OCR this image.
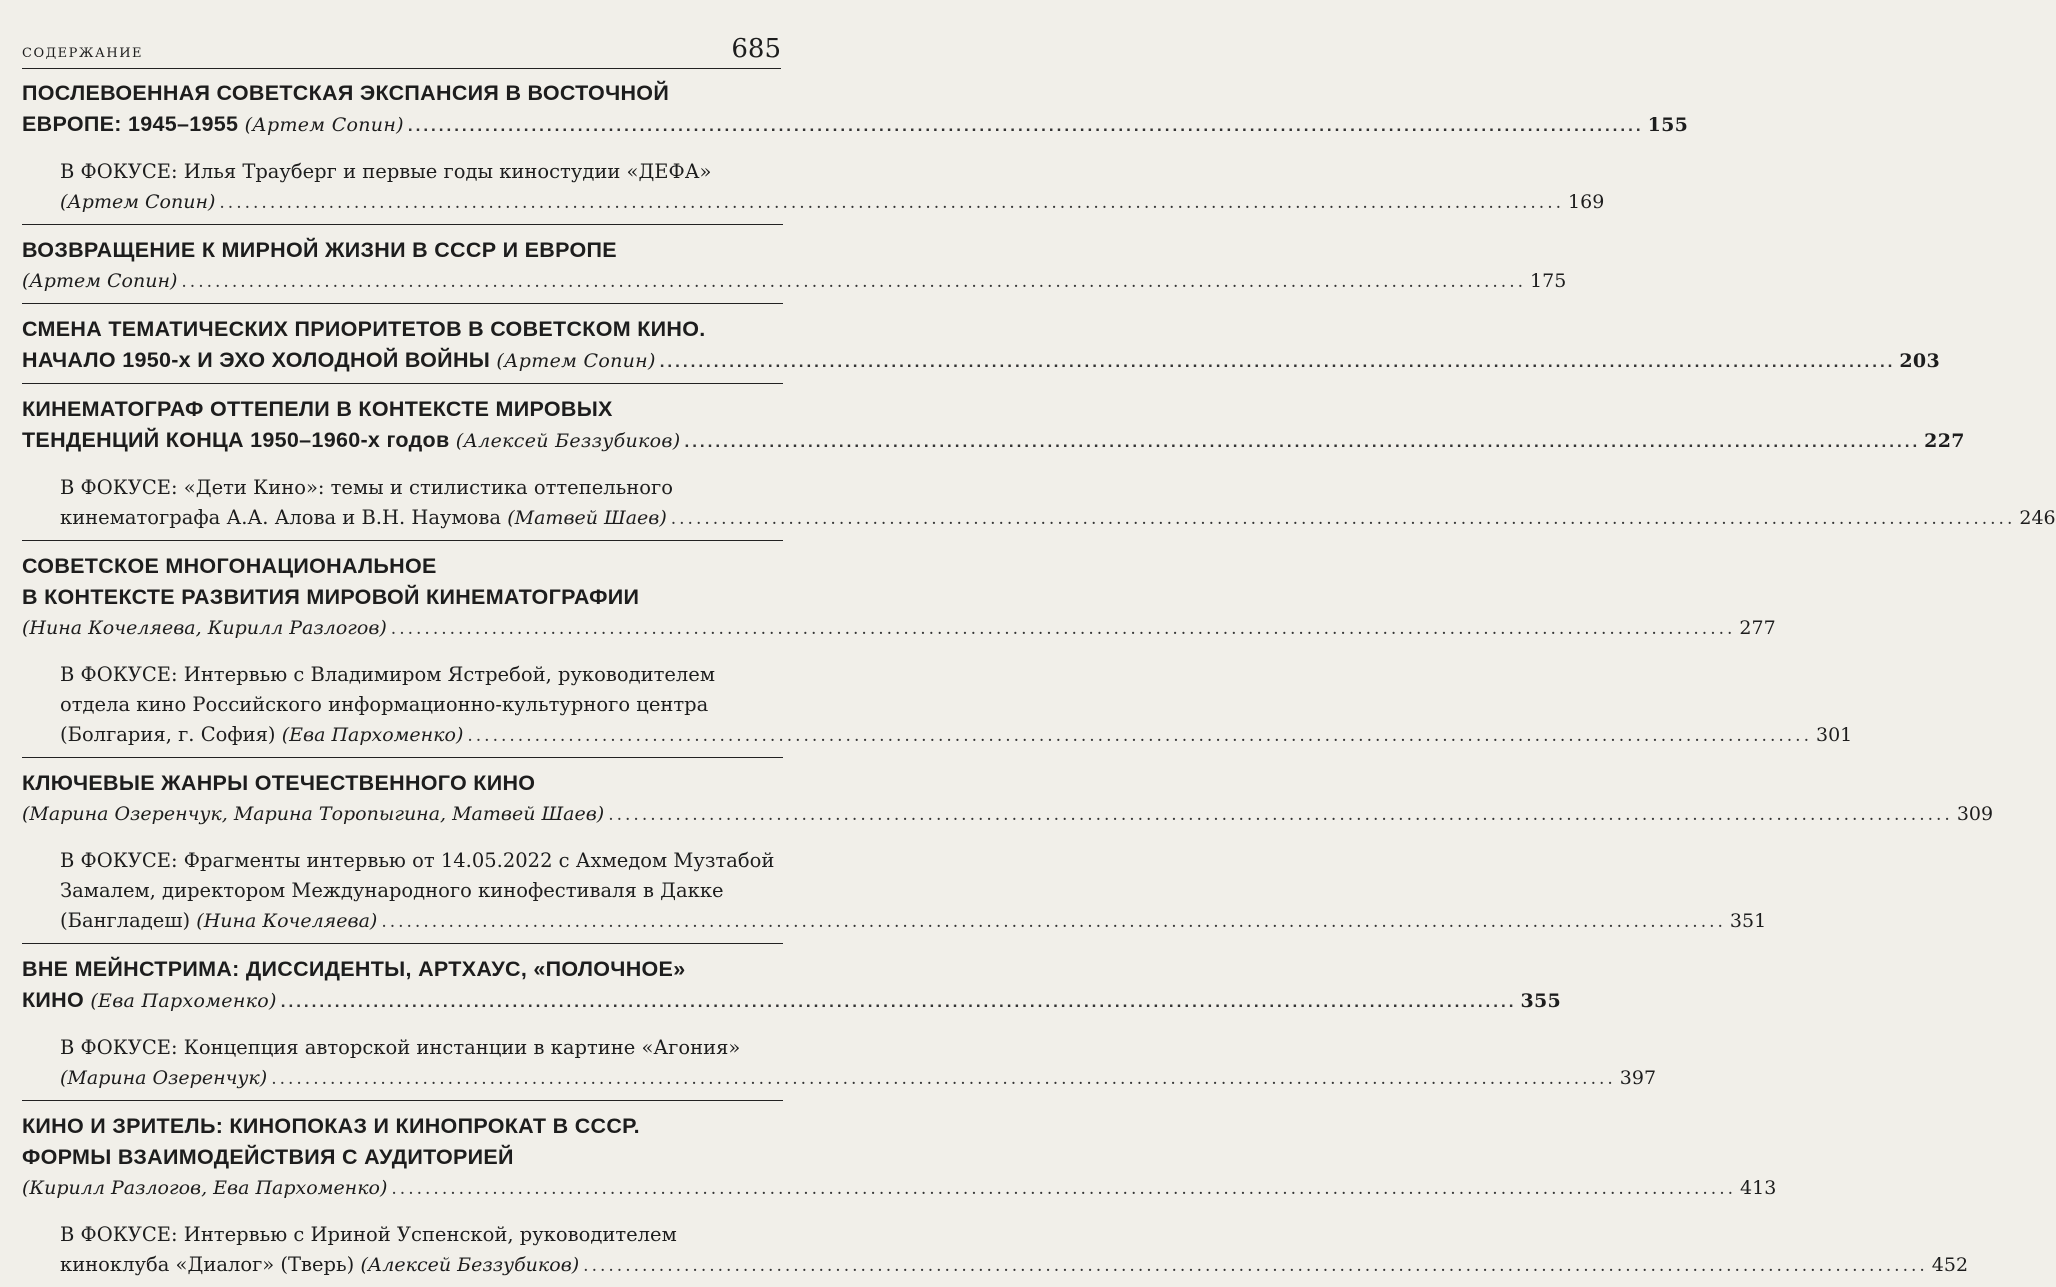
содержание	685
ПОСЛЕВОЕННАЯ СОВЕТСКАЯ ЭКСПАНСИЯ В ВОСТОЧНОЙ
ЕВРОПЕ: 1945–1955 (Артем Сопин) .....	155
В ФОКУСЕ: Илья Трауберг и первые годы киностудии «ДЕФА»
(Артем Сопин) .....	169
ВОЗВРАЩЕНИЕ К МИРНОЙ ЖИЗНИ В СССР И ЕВРОПЕ
(Артем Сопин) .....	175
СМЕНА ТЕМАТИЧЕСКИХ ПРИОРИТЕТОВ В СОВЕТСКОМ КИНО.
НАЧАЛО 1950-х И ЭХО ХОЛОДНОЙ ВОЙНЫ (Артем Сопин) .....	203
КИНЕМАТОГРАФ ОТТЕПЕЛИ В КОНТЕКСТЕ МИРОВЫХ
ТЕНДЕНЦИЙ КОНЦА 1950–1960-х годов (Алексей Беззубиков) .....	227
В ФОКУСЕ: «Дети Кино»: темы и стилистика оттепельного
кинематографа А.А. Алова и В.Н. Наумова (Матвей Шаев) .....	246
СОВЕТСКОЕ МНОГОНАЦИОНАЛЬНОЕ
В КОНТЕКСТЕ РАЗВИТИЯ МИРОВОЙ КИНЕМАТОГРАФИИ
(Нина Кочеляева, Кирилл Разлогов) .....	277
В ФОКУСЕ: Интервью с Владимиром Ястребой, руководителем
отдела кино Российского информационно-культурного центра
(Болгария, г. София) (Ева Пархоменко) .....	301
КЛЮЧЕВЫЕ ЖАНРЫ ОТЕЧЕСТВЕННОГО КИНО
(Марина Озеренчук, Марина Торопыгина, Матвей Шаев) .....	309
В ФОКУСЕ: Фрагменты интервью от 14.05.2022 с Ахмедом Музтабой
Замалем, директором Международного кинофестиваля в Дакке
(Бангладеш) (Нина Кочеляева) .....	351
ВНЕ МЕЙНСТРИМА: ДИССИДЕНТЫ, АРТХАУС, «ПОЛОЧНОЕ»
КИНО (Ева Пархоменко) .....	355
В ФОКУСЕ: Концепция авторской инстанции в картине «Агония»
(Марина Озеренчук) .....	397
КИНО И ЗРИТЕЛЬ: КИНОПОКАЗ И КИНОПРОКАТ В СССР.
ФОРМЫ ВЗАИМОДЕЙСТВИЯ С АУДИТОРИЕЙ
(Кирилл Разлогов, Ева Пархоменко) .....	413
В ФОКУСЕ: Интервью с Ириной Успенской, руководителем
киноклуба «Диалог» (Тверь) (Алексей Беззубиков) .....	452
